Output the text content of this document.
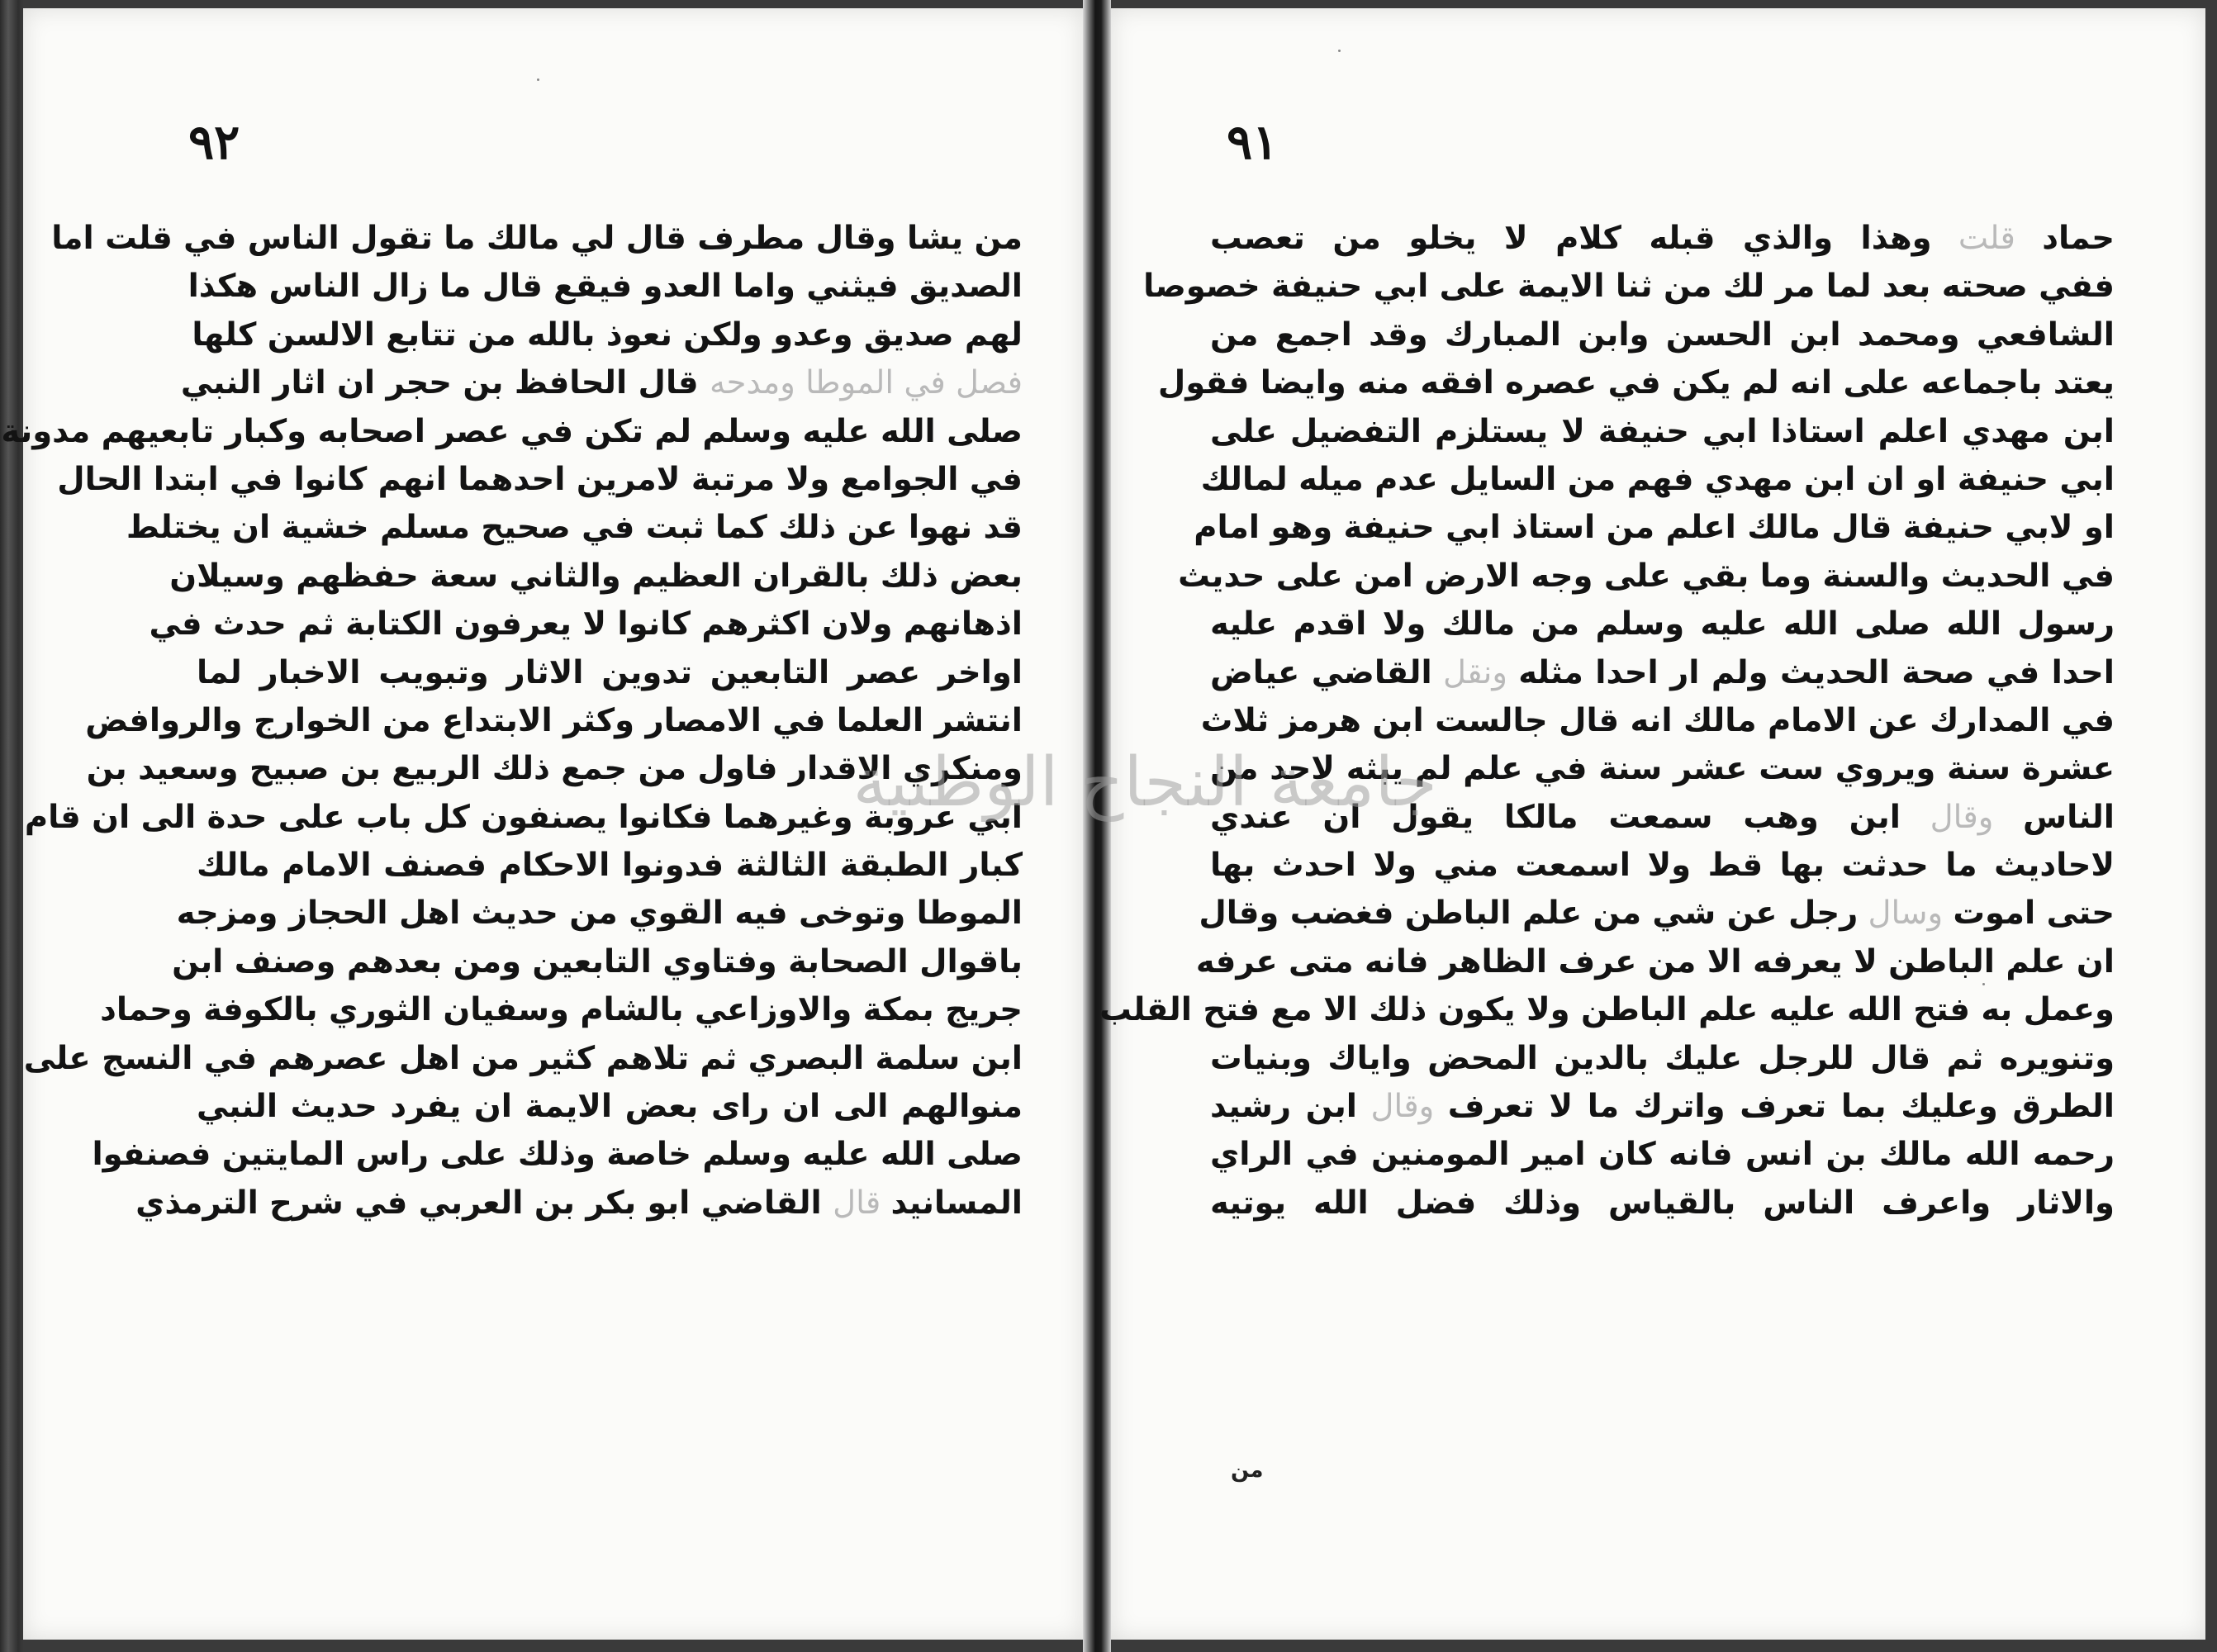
٩٢
من يشا وقال مطرف قال لي مالك ما تقول الناس في قلت اما
الصديق فيثني واما العدو فيقع قال ما زال الناس هكذا
لهم صديق وعدو ولكن نعوذ بالله من تتابع الالسن كلها
فصل في الموطا ومدحه قال الحافظ بن حجر ان اثار النبي
صلى الله عليه وسلم لم تكن في عصر اصحابه وكبار تابعيهم مدونة
في الجوامع ولا مرتبة لامرين احدهما انهم كانوا في ابتدا الحال
قد نهوا عن ذلك كما ثبت في صحيح مسلم خشية ان يختلط
بعض ذلك بالقران العظيم والثاني سعة حفظهم وسيلان
اذهانهم ولان اكثرهم كانوا لا يعرفون الكتابة ثم حدث في
اواخر عصر التابعين تدوين الاثار وتبويب الاخبار لما
انتشر العلما في الامصار وكثر الابتداع من الخوارج والروافض
ومنكري الاقدار فاول من جمع ذلك الربيع بن صبيح وسعيد بن
ابي عروبة وغيرهما فكانوا يصنفون كل باب على حدة الى ان قام
كبار الطبقة الثالثة فدونوا الاحكام فصنف الامام مالك
الموطا وتوخى فيه القوي من حديث اهل الحجاز ومزجه
باقوال الصحابة وفتاوي التابعين ومن بعدهم وصنف ابن
جريج بمكة والاوزاعي بالشام وسفيان الثوري بالكوفة وحماد
ابن سلمة البصري ثم تلاهم كثير من اهل عصرهم في النسج على
منوالهم الى ان راى بعض الايمة ان يفرد حديث النبي
صلى الله عليه وسلم خاصة وذلك على راس المايتين فصنفوا
المسانيد قال القاضي ابو بكر بن العربي في شرح الترمذي
٩١
حماد قلت وهذا والذي قبله كلام لا يخلو من تعصب
ففي صحته بعد لما مر لك من ثنا الايمة على ابي حنيفة خصوصا
الشافعي ومحمد ابن الحسن وابن المبارك وقد اجمع من
يعتد باجماعه على انه لم يكن في عصره افقه منه وايضا فقول
ابن مهدي اعلم استاذا ابي حنيفة لا يستلزم التفضيل على
ابي حنيفة او ان ابن مهدي فهم من السايل عدم ميله لمالك
او لابي حنيفة قال مالك اعلم من استاذ ابي حنيفة وهو امام
في الحديث والسنة وما بقي على وجه الارض امن على حديث
رسول الله صلى الله عليه وسلم من مالك ولا اقدم عليه
احدا في صحة الحديث ولم ار احدا مثله ونقل القاضي عياض
في المدارك عن الامام مالك انه قال جالست ابن هرمز ثلاث
عشرة سنة ويروي ست عشر سنة في علم لم يبثه لاحد من
الناس وقال ابن وهب سمعت مالكا يقول ان عندي
لاحاديث ما حدثت بها قط ولا اسمعت مني ولا احدث بها
حتى اموت وسال رجل عن شي من علم الباطن فغضب وقال
ان علم الباطن لا يعرفه الا من عرف الظاهر فانه متى عرفه
وعمل به فتح الله عليه علم الباطن ولا يكون ذلك الا مع فتح القلب
وتنويره ثم قال للرجل عليك بالدين المحض واياك وبنيات
الطرق وعليك بما تعرف واترك ما لا تعرف وقال ابن رشيد
رحمه الله مالك بن انس فانه كان امير المومنين في الراي
والاثار واعرف الناس بالقياس وذلك فضل الله يوتيه
من
جامعة النجاح الوطنية
